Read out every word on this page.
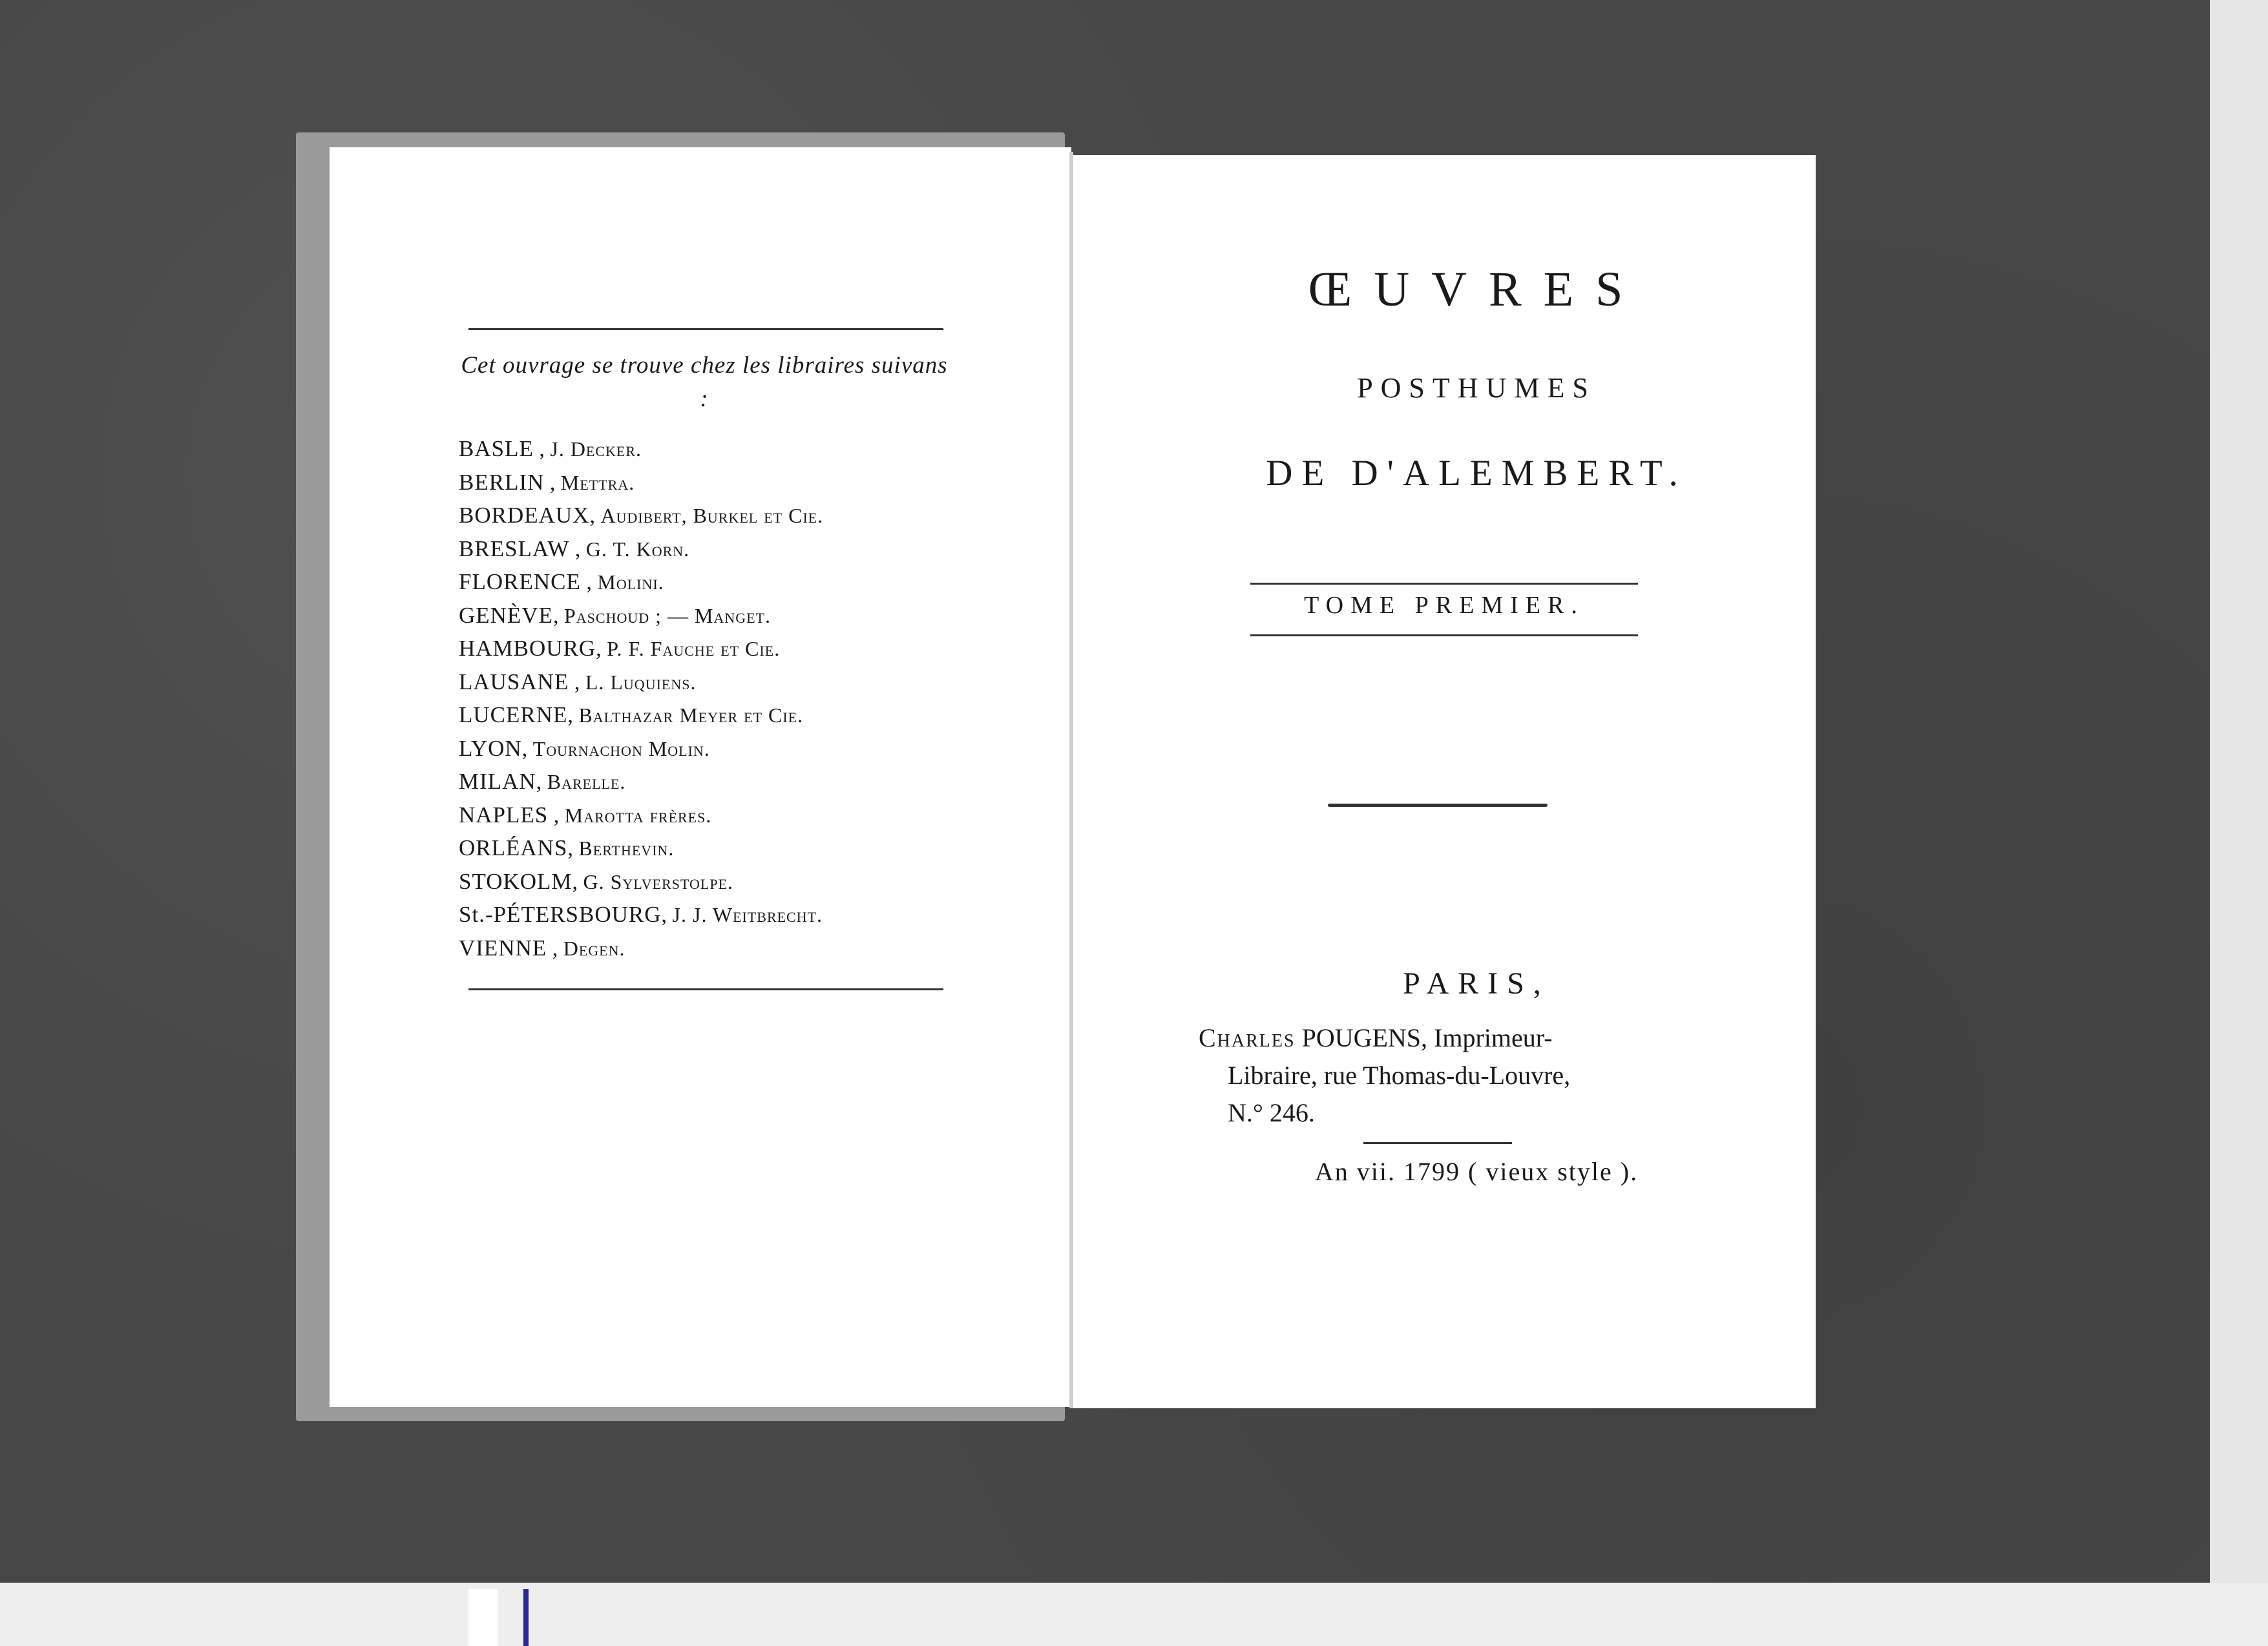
Cet ouvrage se trouve chez les libraires suivans :

BASLE , J. Decker.
BERLIN , Mettra.
BORDEAUX, Audibert, Burkel et Cie.
BRESLAW , G. T. Korn.
FLORENCE , Molini.
GENÈVE, Paschoud ; — Manget.
HAMBOURG, P. F. Fauche et Cie.
LAUSANE , L. Luquiens.
LUCERNE, Balthazar Meyer et Cie.
LYON, Tournachon Molin.
MILAN, Barelle.
NAPLES , Marotta frères.
ORLÉANS, Berthevin.
STOKOLM, G. Sylverstolpe.
St.-PÉTERSBOURG, J. J. Weitbrecht.
VIENNE , Degen.
ŒUVRES

POSTHUMES

DE D'ALEMBERT.

TOME PREMIER.

PARIS,

Charles POUGENS, Imprimeur-
Libraire, rue Thomas-du-Louvre,
N.° 246.

An vii. 1799 ( vieux style ).
